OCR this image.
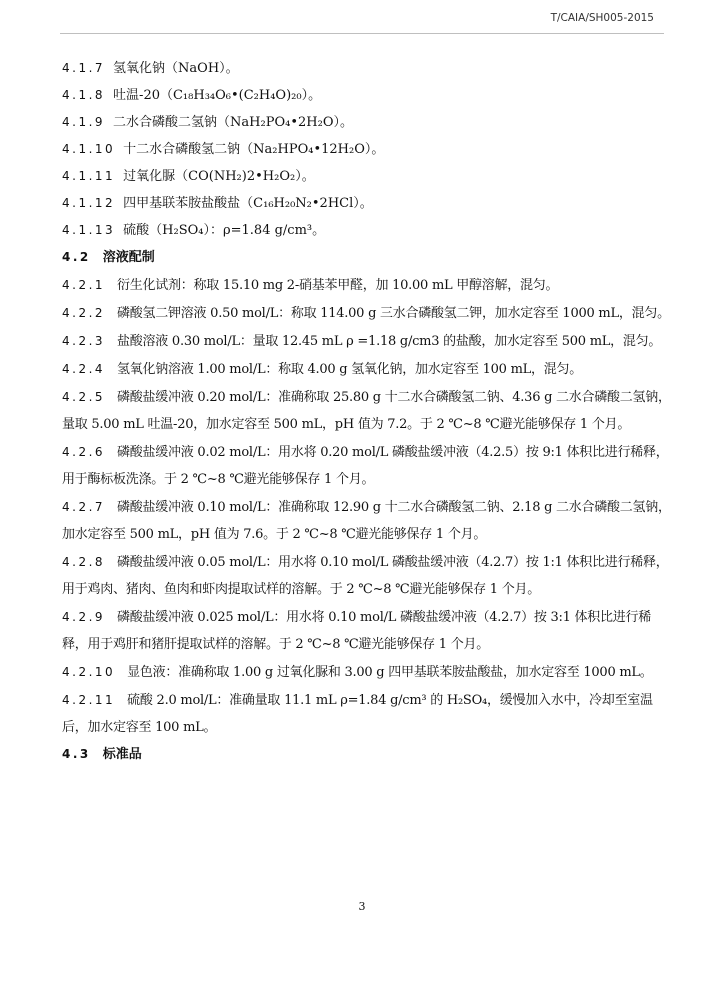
T/CAIA/SH005-2015
4.1.7 氢氧化钠（NaOH）。
4.1.8 吐温-20（C₁₈H₃₄O₆•(C₂H₄O)₂₀）。
4.1.9 二水合磷酸二氢钠（NaH₂PO₄•2H₂O）。
4.1.10 十二水合磷酸氢二钠（Na₂HPO₄•12H₂O）。
4.1.11 过氧化脲（CO(NH₂)2•H₂O₂）。
4.1.12 四甲基联苯胺盐酸盐（C₁₆H₂₀N₂•2HCl）。
4.1.13 硫酸（H₂SO₄）：ρ=1.84 g/cm³。
4.2 溶液配制
4.2.1 衍生化试剂：称取 15.10 mg 2-硝基苯甲醛，加 10.00 mL 甲醇溶解，混匀。
4.2.2 磷酸氢二钾溶液 0.50 mol/L：称取 114.00 g 三水合磷酸氢二钾，加水定容至 1000 mL，混匀。
4.2.3 盐酸溶液 0.30 mol/L：量取 12.45 mL ρ =1.18 g/cm3 的盐酸，加水定容至 500 mL，混匀。
4.2.4 氢氧化钠溶液 1.00 mol/L：称取 4.00 g 氢氧化钠，加水定容至 100 mL，混匀。
4.2.5 磷酸盐缓冲液 0.20 mol/L：准确称取 25.80 g 十二水合磷酸氢二钠、4.36 g 二水合磷酸二氢钠，量取 5.00 mL 吐温-20，加水定容至 500 mL，pH 值为 7.2。于 2 ℃~8 ℃避光能够保存 1 个月。
4.2.6 磷酸盐缓冲液 0.02 mol/L：用水将 0.20 mol/L 磷酸盐缓冲液（4.2.5）按 9:1 体积比进行稀释，用于酶标板洗涤。于 2 ℃~8 ℃避光能够保存 1 个月。
4.2.7 磷酸盐缓冲液 0.10 mol/L：准确称取 12.90 g 十二水合磷酸氢二钠、2.18 g 二水合磷酸二氢钠，加水定容至 500 mL，pH 值为 7.6。于 2 ℃~8 ℃避光能够保存 1 个月。
4.2.8 磷酸盐缓冲液 0.05 mol/L：用水将 0.10 mol/L 磷酸盐缓冲液（4.2.7）按 1:1 体积比进行稀释，用于鸡肉、猪肉、鱼肉和虾肉提取试样的溶解。于 2 ℃~8 ℃避光能够保存 1 个月。
4.2.9 磷酸盐缓冲液 0.025 mol/L：用水将 0.10 mol/L 磷酸盐缓冲液（4.2.7）按 3:1 体积比进行稀释，用于鸡肝和猪肝提取试样的溶解。于 2 ℃~8 ℃避光能够保存 1 个月。
4.2.10 显色液：准确称取 1.00 g 过氧化脲和 3.00 g 四甲基联苯胺盐酸盐，加水定容至 1000 mL。
4.2.11 硫酸 2.0 mol/L：准确量取 11.1 mL ρ=1.84 g/cm³ 的 H₂SO₄，缓慢加入水中，冷却至室温后，加水定容至 100 mL。
4.3 标准品
3
